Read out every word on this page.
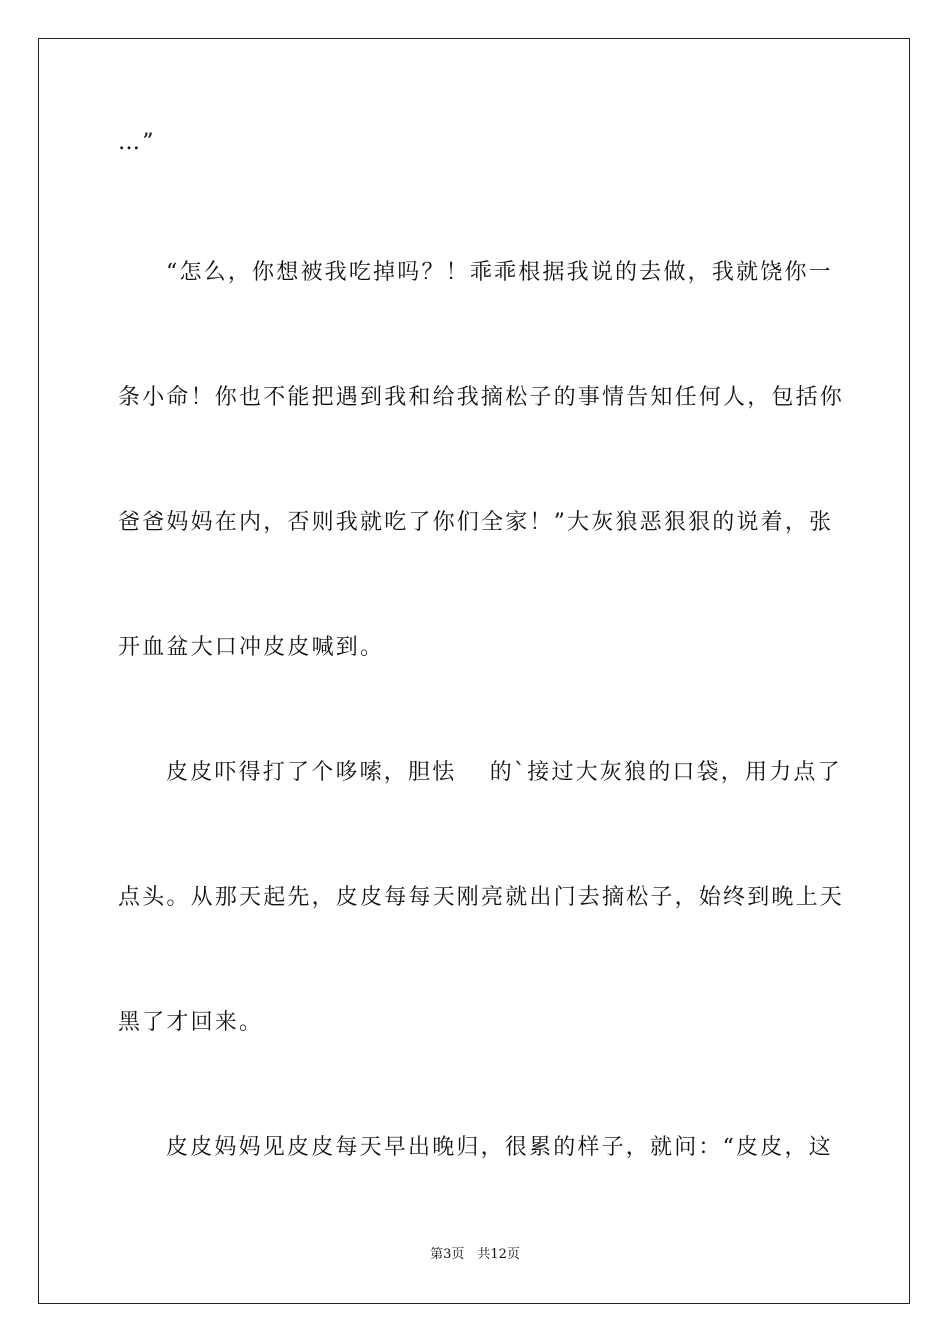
…”
“怎么，你想被我吃掉吗？！乖乖根据我说的去做，我就饶你一
条小命！你也不能把遇到我和给我摘松子的事情告知任何人，包括你
爸爸妈妈在内，否则我就吃了你们全家！”大灰狼恶狠狠的说着，张
开血盆大口冲皮皮喊到。
皮皮吓得打了个哆嗦，胆怯 　的`接过大灰狼的口袋，用力点了
点头。从那天起先，皮皮每每天刚亮就出门去摘松子，始终到晚上天
黑了才回来。
皮皮妈妈见皮皮每天早出晚归，很累的样子，就问：“皮皮，这
第3页　共12页
